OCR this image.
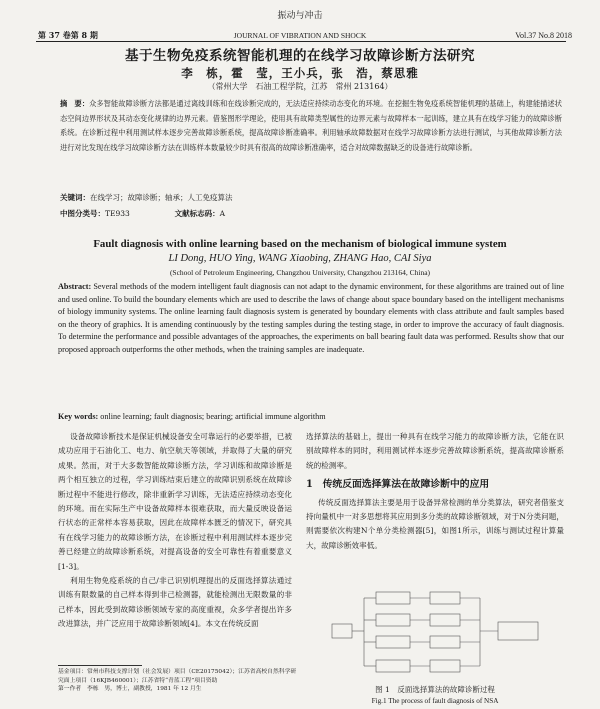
振动与冲击
第 37 卷第 8 期	JOURNAL OF VIBRATION AND SHOCK	Vol.37 No.8 2018
基于生物免疫系统智能机理的在线学习故障诊断方法研究
李　栋，霍　莹，王小兵，张　浩，蔡思雅
（常州大学　石油工程学院，江苏　常州 213164）
摘　要：众多智能故障诊断方法都是通过离线训练和在线诊断完成的，无法适应持续动态变化的环境。在挖掘生物免疫系统智能机理的基础上，构建能描述状态空间边界形状及其动态变化规律的边界元素。借鉴图形学理论，使用具有故障类型属性的边界元素与故障样本一起训练，建立具有在线学习能力的故障诊断系统。在诊断过程中利用测试样本逐步完善故障诊断系统，提高故障诊断准确率。利用轴承故障数据对在线学习故障诊断方法进行测试，与其他故障诊断方法进行对比发现在线学习故障诊断方法在训练样本数量较少时具有很高的故障诊断准确率，适合对故障数据缺乏的设备进行故障诊断。
关键词：在线学习；故障诊断；轴承；人工免疫算法
中图分类号：TE933	文献标志码：A
Fault diagnosis with online learning based on the mechanism of biological immune system
LI Dong, HUO Ying, WANG Xiaobing, ZHANG Hao, CAI Siya
(School of Petroleum Engineering, Changzhou University, Changzhou 213164, China)
Abstract: Several methods of the modern intelligent fault diagnosis can not adapt to the dynamic environment, for these algorithms are trained out of line and used online. To build the boundary elements which are used to describe the laws of change about space boundary based on the intelligent mechanisms of biology immunity systems. The online learning fault diagnosis system is generated by boundary elements with class attribute and fault samples based on the theory of graphics. It is amending continuously by the testing samples during the testing stage, in order to improve the accuracy of fault diagnosis. To determine the performance and possible advantages of the approaches, the experiments on ball bearing fault data was performed. Results show that our proposed approach outperforms the other methods, when the training samples are inadequate.
Key words: online learning; fault diagnosis; bearing; artificial immune algorithm

设备故障诊断技术是保证机械设备安全可靠运行的必要举措，已被成功应用于石油化工、电力、航空航天等领域，并取得了大量的研究成果。然而，对于大多数智能故障诊断方法，学习训练和故障诊断是两个相互独立的过程，学习训练结束后建立的故障识别系统在故障诊断过程中不能进行修改，除非重新学习训练，无法适应持续动态变化的环境。而在实际生产中设备故障样本很难获取，而大量反映设备运行状态的正常样本容易获取，因此在故障样本匮乏的情况下，研究具有在线学习能力的故障诊断方法，在诊断过程中利用测试样本逐步完善已经建立的故障诊断系统，对提高设备的安全可靠性有着重要意义[1-3]。

利用生物免疫系统的自己/非己识别机理提出的反面选择算法通过训练有限数量的自己样本得到非己检测器，就能检测出无限数量的非己样本，因此受到故障诊断领域专家的高度重视，众多学者提出许多改进算法，并广泛应用于故障诊断领域[4]。本文在传统反面

选择算法的基础上，提出一种具有在线学习能力的故障诊断方法，它能在识别故障样本的同时，利用测试样本逐步完善故障诊断系统，提高故障诊断系统的检测率。

1　传统反面选择算法在故障诊断中的应用

传统反面选择算法主要是用于设备异常检测的单分类算法，研究者借鉴支持向量机中一对多思想将其应用到多分类的故障诊断领域，对于N分类问题，则需要依次构建N个单分类检测器[5]，如图1所示，训练与测试过程计算量大，故障诊断效率低。

图 1　反面选择算法的故障诊断过程
Fig.1 The process of fault diagnosis of NSA
基金项目：常州市科技支撑计划（社会发展）项目（CE20175042）；江苏省高校自然科学研究面上项目（16KJB460001）；江苏省特“青蓝工程”项目资助
第一作者　李栋　男，博士，副教授，1981 年 12 月生
